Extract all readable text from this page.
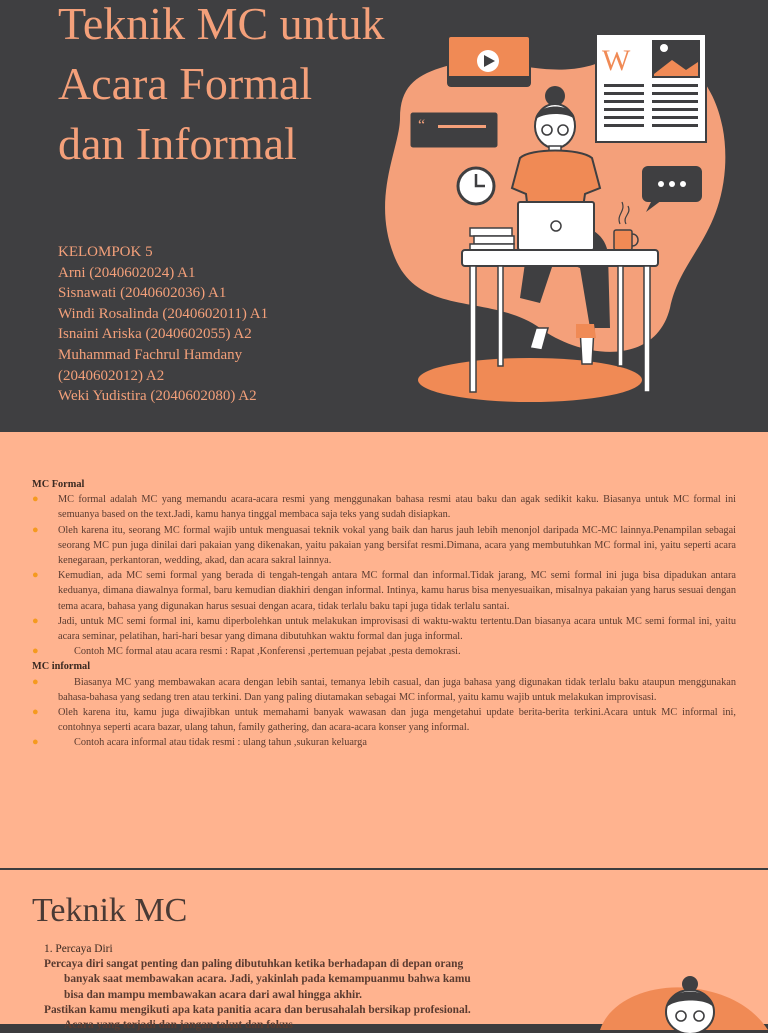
Teknik MC untuk Acara Formal dan Informal
KELOMPOK 5
Arni (2040602024) A1
Sisnawati (2040602036) A1
Windi Rosalinda (2040602011) A1
Isnaini Ariska (2040602055) A2
Muhammad Fachrul Hamdany
(2040602012) A2
Weki Yudistira (2040602080) A2
“
W
MC Formal
● MC formal adalah MC yang memandu acara-acara resmi yang menggunakan bahasa resmi atau baku dan agak sedikit kaku. Biasanya untuk MC formal ini semuanya based on the text.Jadi, kamu hanya tinggal membaca saja teks yang sudah disiapkan.
● Oleh karena itu, seorang MC formal wajib untuk menguasai teknik vokal yang baik dan harus jauh lebih menonjol daripada MC-MC lainnya.Penampilan sebagai seorang MC pun juga dinilai dari pakaian yang dikenakan, yaitu pakaian yang bersifat resmi.Dimana, acara yang membutuhkan MC formal ini, yaitu seperti acara kenegaraan, perkantoran, wedding, akad, dan acara sakral lainnya.
● Kemudian, ada MC semi formal yang berada di tengah-tengah antara MC formal dan informal.Tidak jarang, MC semi formal ini juga bisa dipadukan antara keduanya, dimana diawalnya formal, baru kemudian diakhiri dengan informal. Intinya, kamu harus bisa menyesuaikan, misalnya pakaian yang harus sesuai dengan tema acara, bahasa yang digunakan harus sesuai dengan acara, tidak terlalu baku tapi juga tidak terlalu santai.
● Jadi, untuk MC semi formal ini, kamu diperbolehkan untuk melakukan improvisasi di waktu-waktu tertentu.Dan biasanya acara untuk MC semi formal ini, yaitu acara seminar, pelatihan, hari-hari besar yang dimana dibutuhkan waktu formal dan juga informal.
●	Contoh MC formal atau acara resmi : Rapat ,Konferensi ,pertemuan pejabat ,pesta demokrasi.
MC informal
●	Biasanya MC yang membawakan acara dengan lebih santai, temanya lebih casual, dan juga bahasa yang digunakan tidak terlalu baku ataupun menggunakan bahasa-bahasa yang sedang tren atau terkini. Dan yang paling diutamakan sebagai MC informal, yaitu kamu wajib untuk melakukan improvisasi.
● Oleh karena itu, kamu juga diwajibkan untuk memahami banyak wawasan dan juga mengetahui update berita-berita terkini.Acara untuk MC informal ini, contohnya seperti acara bazar, ulang tahun, family gathering, dan acara-acara konser yang informal.
●	Contoh acara informal atau tidak resmi : ulang tahun ,sukuran keluarga
Teknik MC
1. Percaya Diri
Percaya diri sangat penting dan paling dibutuhkan ketika berhadapan di depan orang
banyak saat membawakan acara. Jadi, yakinlah pada kemampuanmu bahwa kamu
bisa dan mampu membawakan acara dari awal hingga akhir.
Pastikan kamu mengikuti apa kata panitia acara dan berusahalah bersikap profesional.
Acara yang terjadi dan jangan takut dan fokus
